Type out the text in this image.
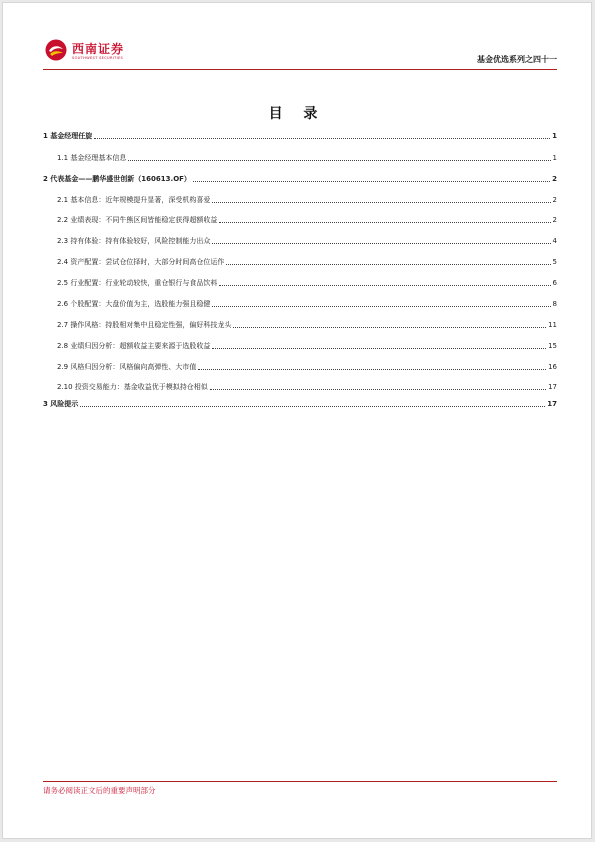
西南证券
SOUTHWEST SECURITIES	基金优选系列之四十一
目 录
1 基金经理任旋	1
1.1 基金经理基本信息	1
2 代表基金——鹏华盛世创新（160613.OF）	2
2.1 基本信息：近年规模提升显著，深受机构喜爱	2
2.2 业绩表现：不同牛熊区间皆能稳定获得超额收益	2
2.3 持有体验：持有体验较好，风险控制能力出众	4
2.4 资产配置：尝试仓位择时，大部分时间高仓位运作	5
2.5 行业配置：行业轮动较快，重仓银行与食品饮料	6
2.6 个股配置：大盘价值为主，选股能力强且稳健	8
2.7 操作风格：持股相对集中且稳定性强，偏好科技龙头	11
2.8 业绩归因分析：超额收益主要来源于选股收益	15
2.9 风格归因分析：风格偏向高弹性、大市值	16
2.10 投资交易能力：基金收益优于模拟持仓相似	17
3 风险提示	17
请务必阅读正文后的重要声明部分
